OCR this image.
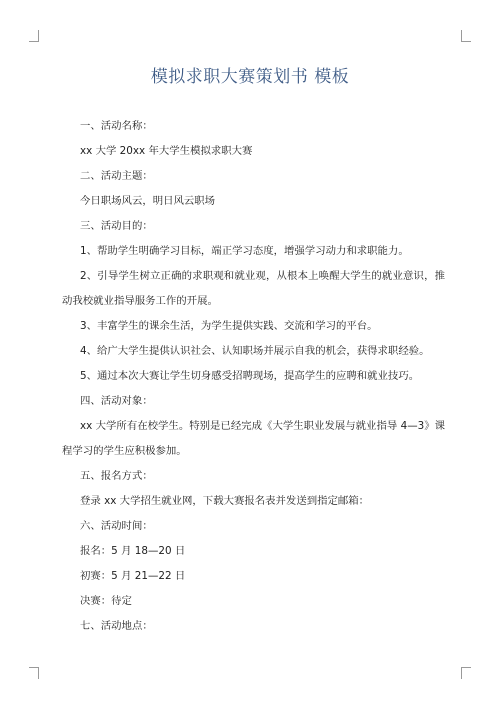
模拟求职大赛策划书 模板

一、活动名称：

xx 大学 20xx 年大学生模拟求职大赛

二、活动主题：

今日职场风云，明日风云职场

三、活动目的：

1、帮助学生明确学习目标，端正学习态度，增强学习动力和求职能力。

2、引导学生树立正确的求职观和就业观，从根本上唤醒大学生的就业意识，推动我校就业指导服务工作的开展。

3、丰富学生的课余生活，为学生提供实践、交流和学习的平台。

4、给广大学生提供认识社会、认知职场并展示自我的机会，获得求职经验。

5、通过本次大赛让学生切身感受招聘现场，提高学生的应聘和就业技巧。

四、活动对象：

xx 大学所有在校学生。特别是已经完成《大学生职业发展与就业指导 4—3》课程学习的学生应积极参加。

五、报名方式：

登录 xx 大学招生就业网，下载大赛报名表并发送到指定邮箱：

六、活动时间：

报名：5 月 18—20 日

初赛：5 月 21—22 日

决赛：待定

七、活动地点：
